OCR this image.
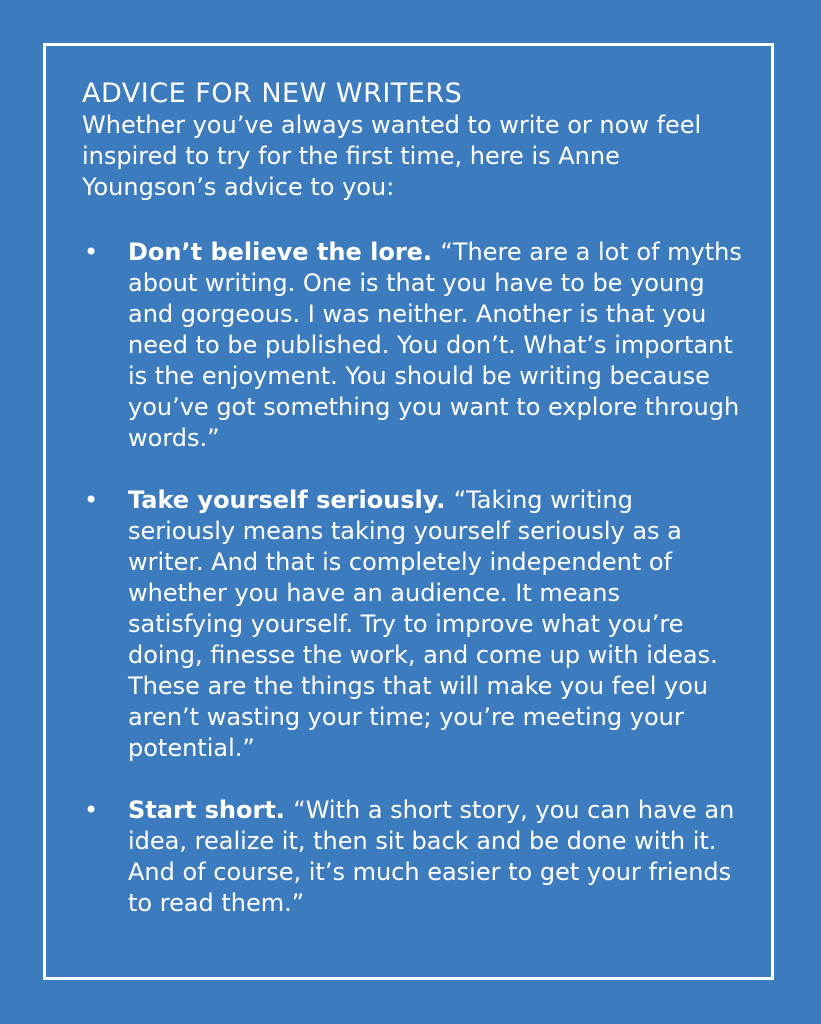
ADVICE FOR NEW WRITERS

Whether you’ve always wanted to write or now feel inspired to try for the first time, here is Anne Youngson’s advice to you:

• Don’t believe the lore. “There are a lot of myths about writing. One is that you have to be young and gorgeous. I was neither. Another is that you need to be published. You don’t. What’s important is the enjoyment. You should be writing because you’ve got something you want to explore through words.”
• Take yourself seriously. “Taking writing seriously means taking yourself seriously as a writer. And that is completely independent of whether you have an audience. It means satisfying yourself. Try to improve what you’re doing, finesse the work, and come up with ideas. These are the things that will make you feel you aren’t wasting your time; you’re meeting your potential.”
• Start short. “With a short story, you can have an idea, realize it, then sit back and be done with it. And of course, it’s much easier to get your friends to read them.”
